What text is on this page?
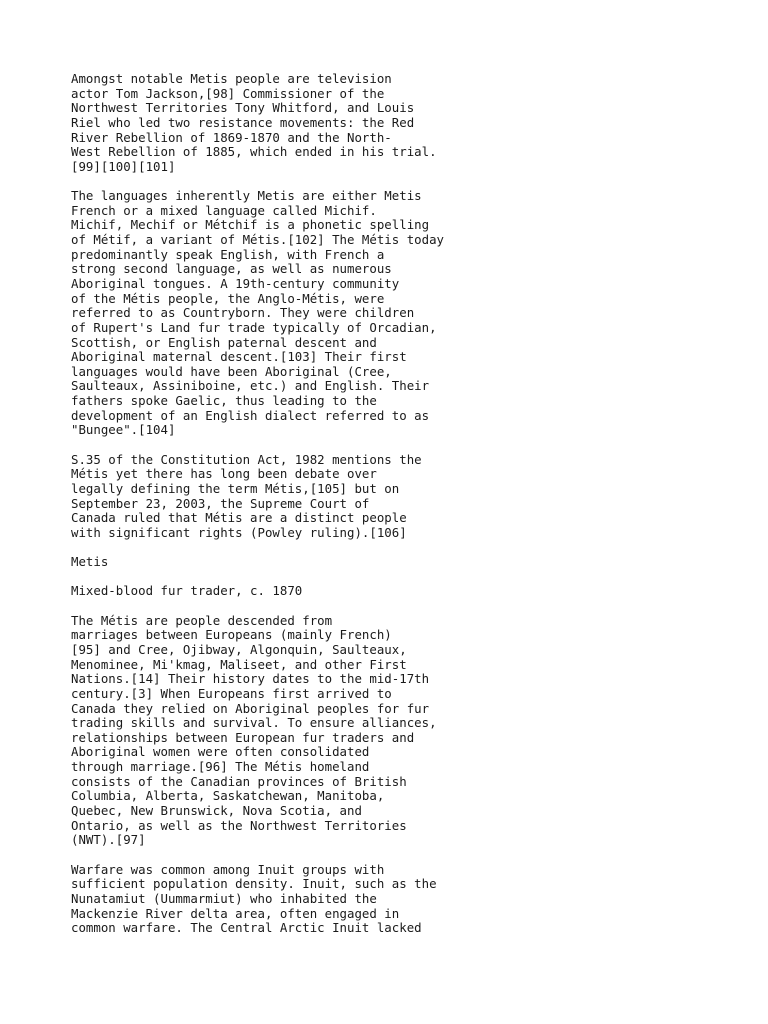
Amongst notable Metis people are television
actor Tom Jackson,[98] Commissioner of the
Northwest Territories Tony Whitford, and Louis
Riel who led two resistance movements: the Red
River Rebellion of 1869-1870 and the North-
West Rebellion of 1885, which ended in his trial.
[99][100][101]
The languages inherently Metis are either Metis
French or a mixed language called Michif.
Michif, Mechif or Métchif is a phonetic spelling
of Métif, a variant of Métis.[102] The Métis today
predominantly speak English, with French a
strong second language, as well as numerous
Aboriginal tongues. A 19th-century community
of the Métis people, the Anglo-Métis, were
referred to as Countryborn. They were children
of Rupert's Land fur trade typically of Orcadian,
Scottish, or English paternal descent and
Aboriginal maternal descent.[103] Their first
languages would have been Aboriginal (Cree,
Saulteaux, Assiniboine, etc.) and English. Their
fathers spoke Gaelic, thus leading to the
development of an English dialect referred to as
"Bungee".[104]
S.35 of the Constitution Act, 1982 mentions the
Métis yet there has long been debate over
legally defining the term Métis,[105] but on
September 23, 2003, the Supreme Court of
Canada ruled that Métis are a distinct people
with significant rights (Powley ruling).[106]
Metis
Mixed-blood fur trader, c. 1870
The Métis are people descended from
marriages between Europeans (mainly French)
[95] and Cree, Ojibway, Algonquin, Saulteaux,
Menominee, Mi'kmag, Maliseet, and other First
Nations.[14] Their history dates to the mid-17th
century.[3] When Europeans first arrived to
Canada they relied on Aboriginal peoples for fur
trading skills and survival. To ensure alliances,
relationships between European fur traders and
Aboriginal women were often consolidated
through marriage.[96] The Métis homeland
consists of the Canadian provinces of British
Columbia, Alberta, Saskatchewan, Manitoba,
Quebec, New Brunswick, Nova Scotia, and
Ontario, as well as the Northwest Territories
(NWT).[97]
Warfare was common among Inuit groups with
sufficient population density. Inuit, such as the
Nunatamiut (Uummarmiut) who inhabited the
Mackenzie River delta area, often engaged in
common warfare. The Central Arctic Inuit lacked
